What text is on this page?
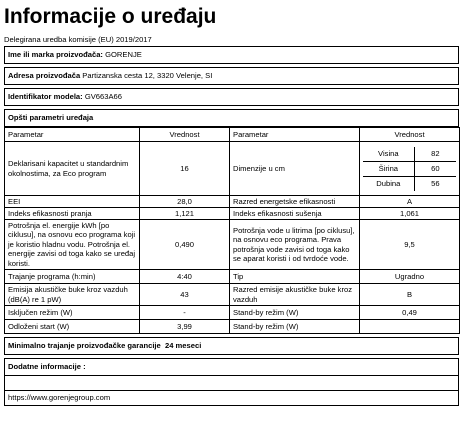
Informacije o uređaju
Delegirana uredba komisije (EU) 2019/2017
Ime ili marka proizvođača: GORENJE
Adresa proizvođača Partizanska cesta 12, 3320 Velenje, SI
Identifikator modela: GV663A66
Opšti parametri uređaja
Parametar	Vrednost	Parametar	Vrednost
Deklarisani kapacitet u standardnim okolnostima, za Eco program	16	Dimenzije u cm	
Visina	82
Širina	60
Dubina	56

EEI	28,0	Razred energetske efikasnosti	A
Indeks efikasnosti pranja	1,121	Indeks efikasnosti sušenja	1,061
Potrošnja el. energije kWh [po ciklusu], na osnovu eco programa koji je koristio hladnu vodu. Potrošnja el. energije zavisi od toga kako se uređaj koristi.	0,490	Potrošnja vode u litrima [po ciklusu], na osnovu eco programa. Prava potrošnja vode zavisi od toga kako se aparat koristi i od tvrdoće vode.	9,5
Trajanje programa (h:min)	4:40	Tip	Ugradno
Emisija akustičke buke kroz vazduh (dB(A) re 1 pW)	43	Razred emisije akustičke buke kroz vazduh	B
Isključen režim (W)	-	Stand-by režim (W)	0,49
Odloženi start (W)	3,99	Stand-by režim (W)	
Minimalno trajanje proizvođačke garancije 24 meseci
Dodatne informacije :
https://www.gorenjegroup.com
